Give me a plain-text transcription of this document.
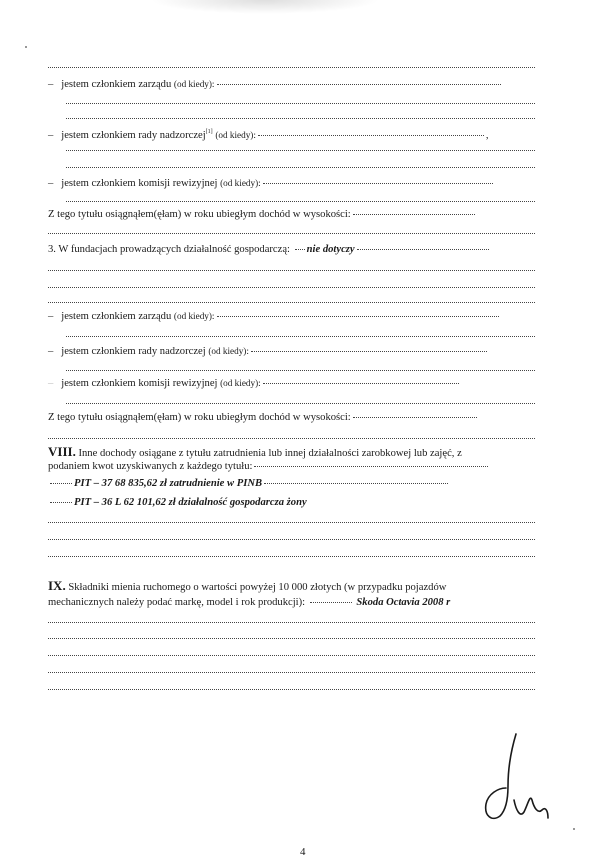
– jestem członkiem zarządu (od kiedy):
– jestem członkiem rady nadzorczej[1] (od kiedy):	,
– jestem członkiem komisji rewizyjnej (od kiedy):
Z tego tytułu osiągnąłem(ęłam) w roku ubiegłym dochód w wysokości:
3. W fundacjach prowadzących działalność gospodarczą: nie dotyczy
– jestem członkiem zarządu (od kiedy):
– jestem członkiem rady nadzorczej (od kiedy):
– jestem członkiem komisji rewizyjnej (od kiedy):
Z tego tytułu osiągnąłem(ęłam) w roku ubiegłym dochód w wysokości:
VIII. Inne dochody osiągane z tytułu zatrudnienia lub innej działalności zarobkowej lub zajęć, z
podaniem kwot uzyskiwanych z każdego tytułu:
PIT – 37 68 835,62 zł zatrudnienie w PINB
PIT – 36 L 62 101,62 zł działalność gospodarcza żony
IX. Składniki mienia ruchomego o wartości powyżej 10 000 złotych (w przypadku pojazdów
mechanicznych należy podać markę, model i rok produkcji):	Skoda Octavia 2008 r
4
